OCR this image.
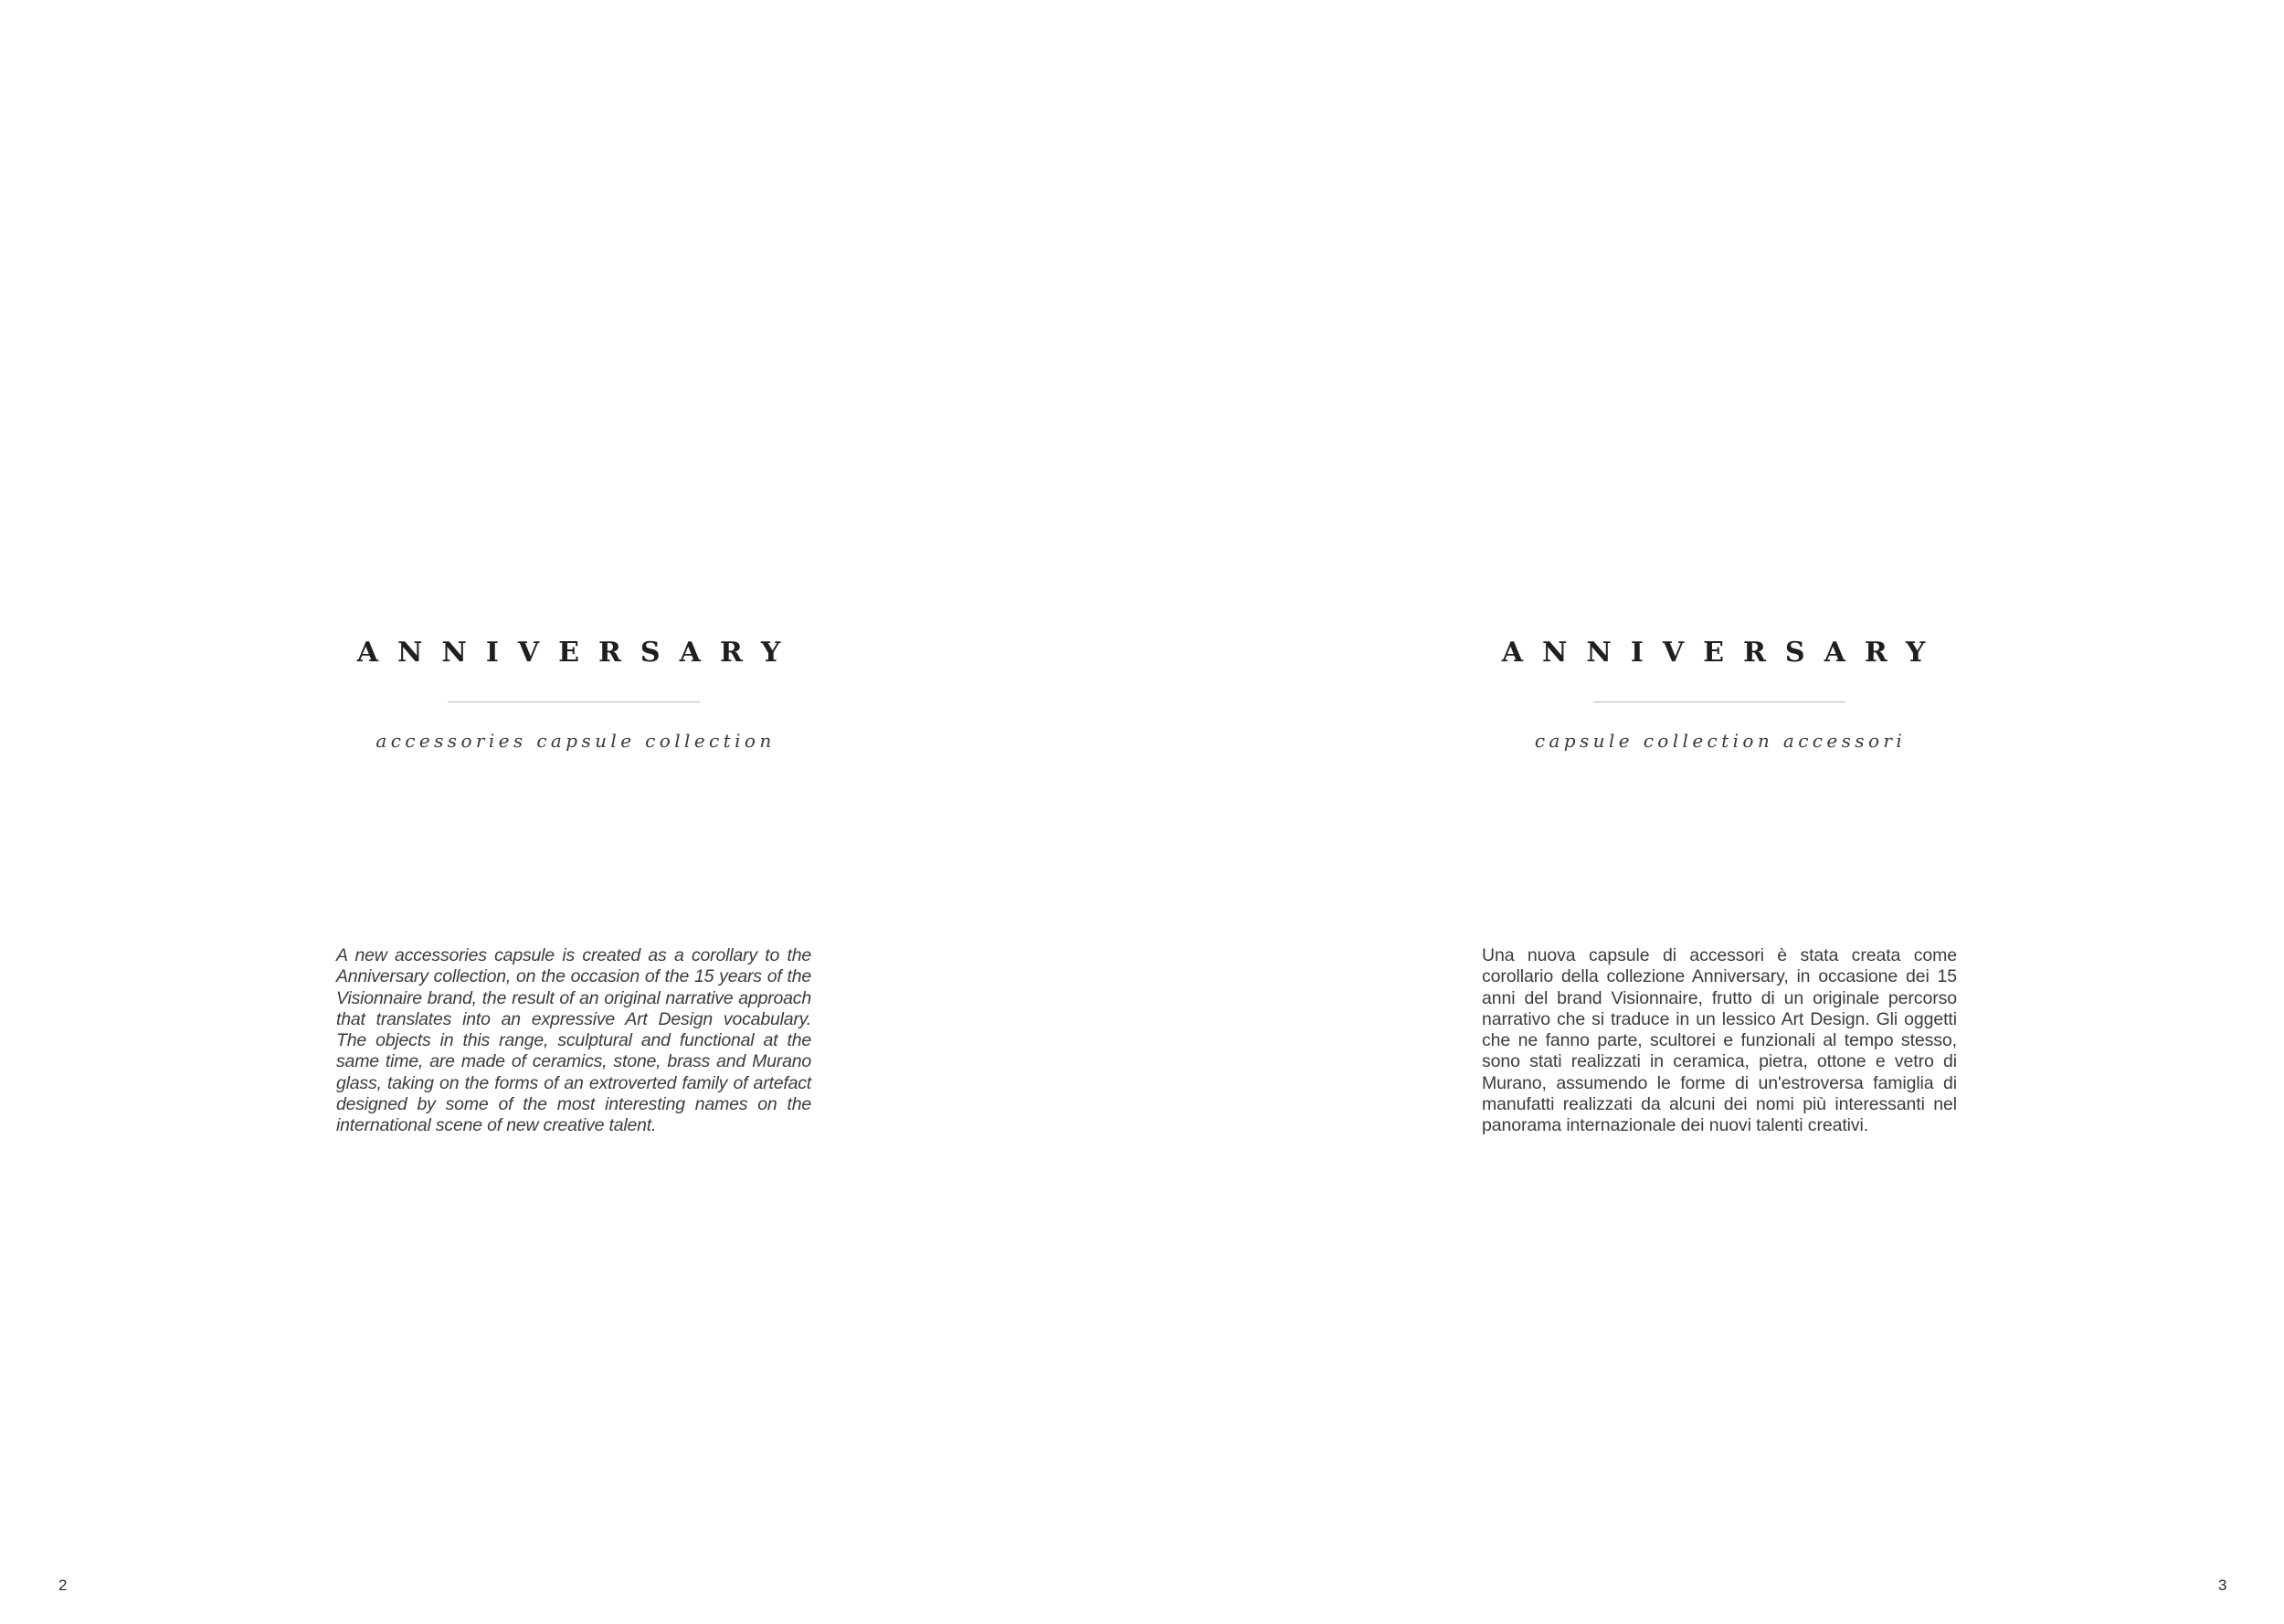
ANNIVERSARY
accessories capsule collection
A new accessories capsule is created as a corollary to the
Anniversary collection, on the occasion of the 15 years of the
Visionnaire brand, the result of an original narrative approach
that translates into an expressive Art Design vocabulary.
The objects in this range, sculptural and functional at the
same time, are made of ceramics, stone, brass and Murano
glass, taking on the forms of an extroverted family of artefact
designed by some of the most interesting names on the
international scene of new creative talent.
2
ANNIVERSARY
capsule collection accessori
Una nuova capsule di accessori è stata creata come
corollario della collezione Anniversary, in occasione dei 15
anni del brand Visionnaire, frutto di un originale percorso
narrativo che si traduce in un lessico Art Design. Gli oggetti
che ne fanno parte, scultorei e funzionali al tempo stesso,
sono stati realizzati in ceramica, pietra, ottone e vetro di
Murano, assumendo le forme di un'estroversa famiglia di
manufatti realizzati da alcuni dei nomi più interessanti nel
panorama internazionale dei nuovi talenti creativi.
3
